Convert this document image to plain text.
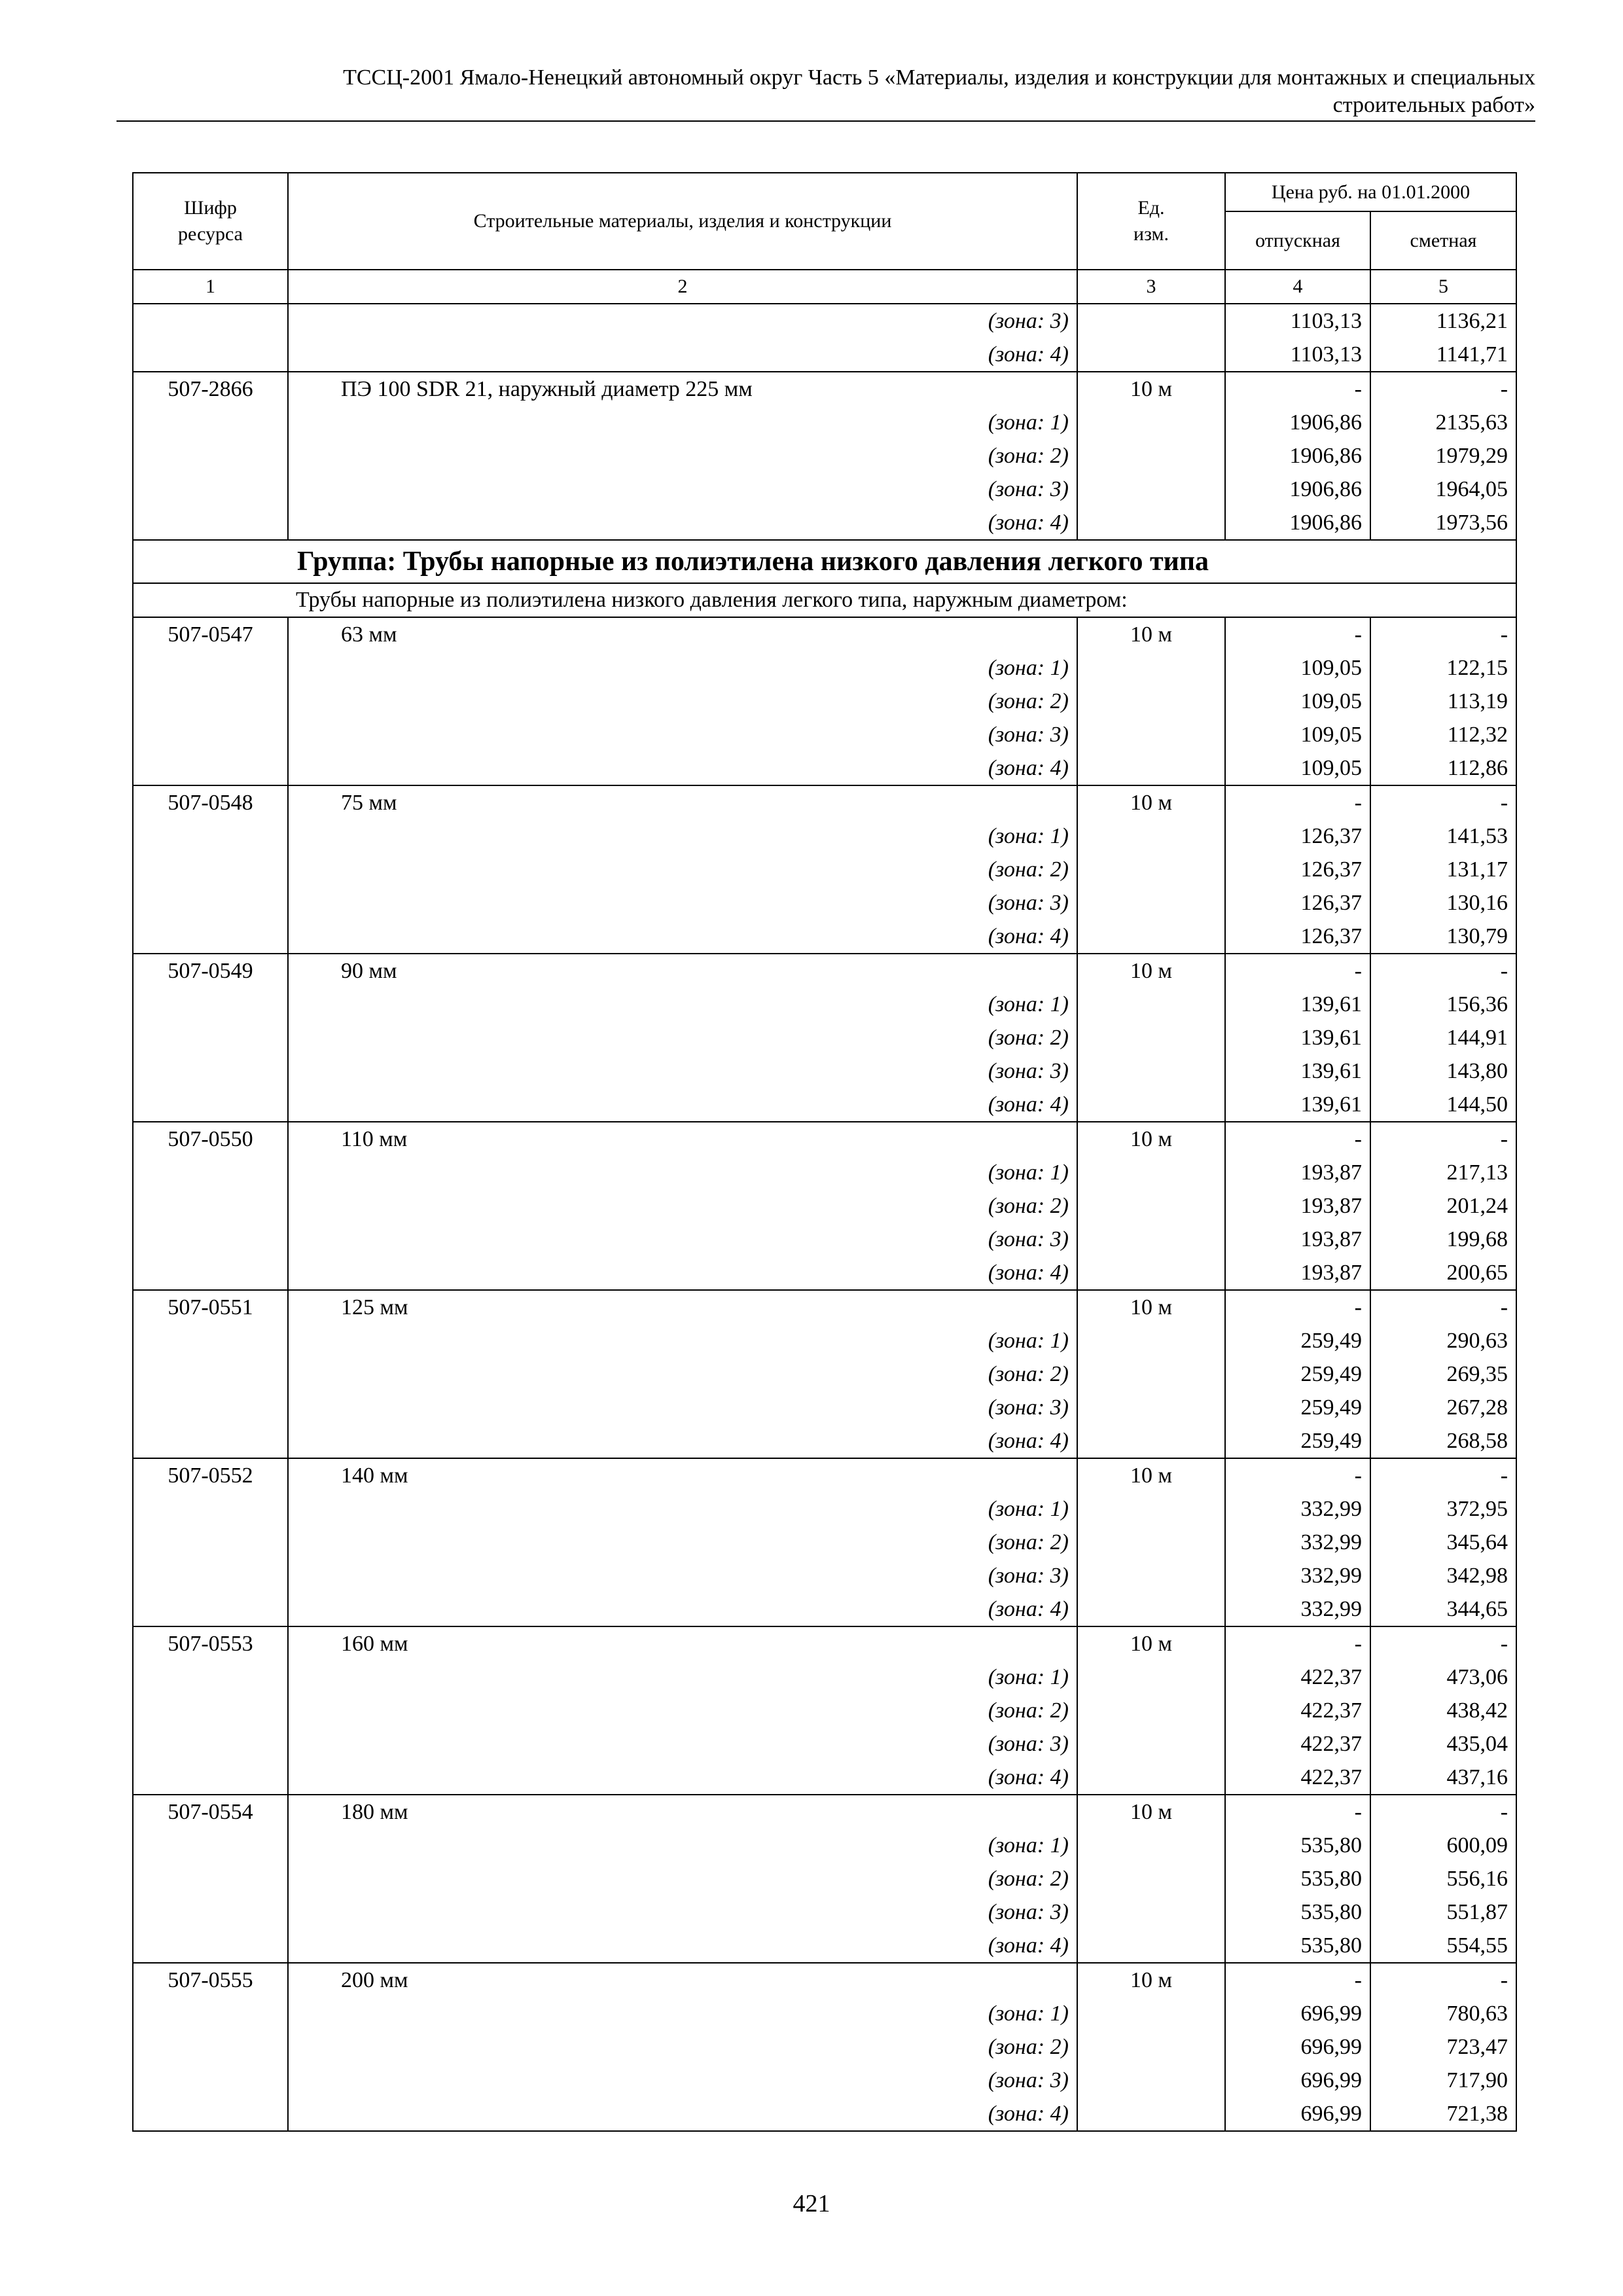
ТССЦ-2001 Ямало-Ненецкий автономный округ Часть 5 «Материалы, изделия и конструкции для монтажных и специальных
строительных работ»
Шифр ресурса	Строительные материалы, изделия и конструкции	Ед. изм.	Цена руб. на 01.01.2000	
			отпускная	сметная
1	2	3	4	5
	(зона: 3)		1103,13	1136,21
	(зона: 4)		1103,13	1141,71
507-2866	ПЭ 100 SDR 21, наружный диаметр 225 мм	10 м	-	-
	(зона: 1)		1906,86	2135,63
	(зона: 2)		1906,86	1979,29
	(зона: 3)		1906,86	1964,05
	(зона: 4)		1906,86	1973,56
Группа: Трубы напорные из полиэтилена низкого давления легкого типа				
Трубы напорные из полиэтилена низкого давления легкого типа, наружным диаметром:				
507-0547	63 мм	10 м	-	-
	(зона: 1)		109,05	122,15
	(зона: 2)		109,05	113,19
	(зона: 3)		109,05	112,32
	(зона: 4)		109,05	112,86
507-0548	75 мм	10 м	-	-
	(зона: 1)		126,37	141,53
	(зона: 2)		126,37	131,17
	(зона: 3)		126,37	130,16
	(зона: 4)		126,37	130,79
507-0549	90 мм	10 м	-	-
	(зона: 1)		139,61	156,36
	(зона: 2)		139,61	144,91
	(зона: 3)		139,61	143,80
	(зона: 4)		139,61	144,50
507-0550	110 мм	10 м	-	-
	(зона: 1)		193,87	217,13
	(зона: 2)		193,87	201,24
	(зона: 3)		193,87	199,68
	(зона: 4)		193,87	200,65
507-0551	125 мм	10 м	-	-
	(зона: 1)		259,49	290,63
	(зона: 2)		259,49	269,35
	(зона: 3)		259,49	267,28
	(зона: 4)		259,49	268,58
507-0552	140 мм	10 м	-	-
	(зона: 1)		332,99	372,95
	(зона: 2)		332,99	345,64
	(зона: 3)		332,99	342,98
	(зона: 4)		332,99	344,65
507-0553	160 мм	10 м	-	-
	(зона: 1)		422,37	473,06
	(зона: 2)		422,37	438,42
	(зона: 3)		422,37	435,04
	(зона: 4)		422,37	437,16
507-0554	180 мм	10 м	-	-
	(зона: 1)		535,80	600,09
	(зона: 2)		535,80	556,16
	(зона: 3)		535,80	551,87
	(зона: 4)		535,80	554,55
507-0555	200 мм	10 м	-	-
	(зона: 1)		696,99	780,63
	(зона: 2)		696,99	723,47
	(зона: 3)		696,99	717,90
	(зона: 4)		696,99	721,38
421
